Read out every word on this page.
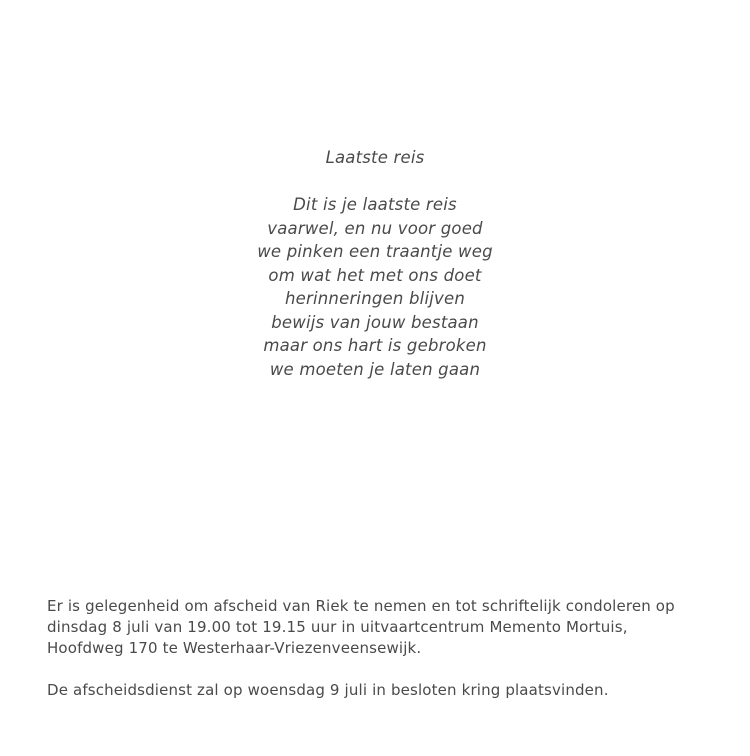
Laatste reis
Dit is je laatste reis
vaarwel, en nu voor goed
we pinken een traantje weg
om wat het met ons doet
herinneringen blijven
bewijs van jouw bestaan
maar ons hart is gebroken
we moeten je laten gaan

Er is gelegenheid om afscheid van Riek te nemen en tot schriftelijk condoleren op
dinsdag 8 juli van 19.00 tot 19.15 uur in uitvaartcentrum Memento Mortuis,
Hoofdweg 170 te Westerhaar-Vriezenveensewijk.

De afscheidsdienst zal op woensdag 9 juli in besloten kring plaatsvinden.
